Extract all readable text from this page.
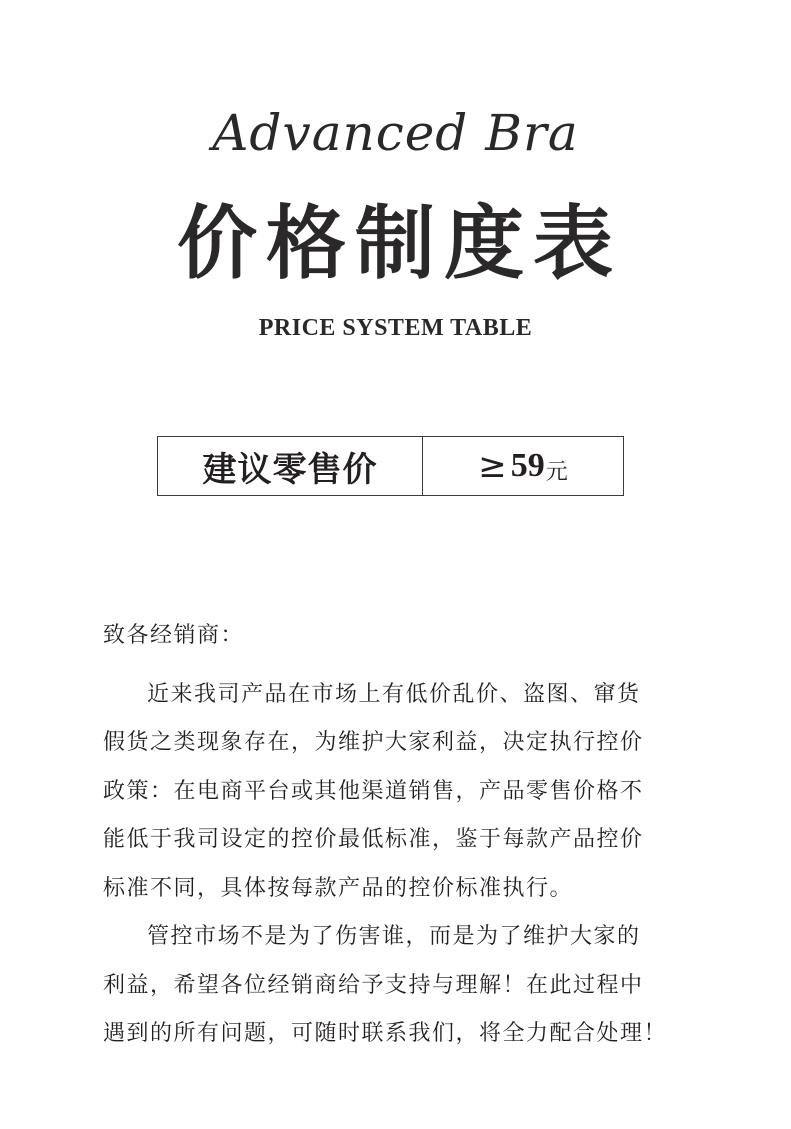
Advanced Bra
价格制度表
PRICE SYSTEM TABLE
建议零售价	≥ 59 元

致各经销商：

近来我司产品在市场上有低价乱价、盗图、窜货
假货之类现象存在，为维护大家利益，决定执行控价
政策：在电商平台或其他渠道销售，产品零售价格不
能低于我司设定的控价最低标准，鉴于每款产品控价
标准不同，具体按每款产品的控价标准执行。

管控市场不是为了伤害谁，而是为了维护大家的
利益，希望各位经销商给予支持与理解！在此过程中
遇到的所有问题，可随时联系我们，将全力配合处理！
